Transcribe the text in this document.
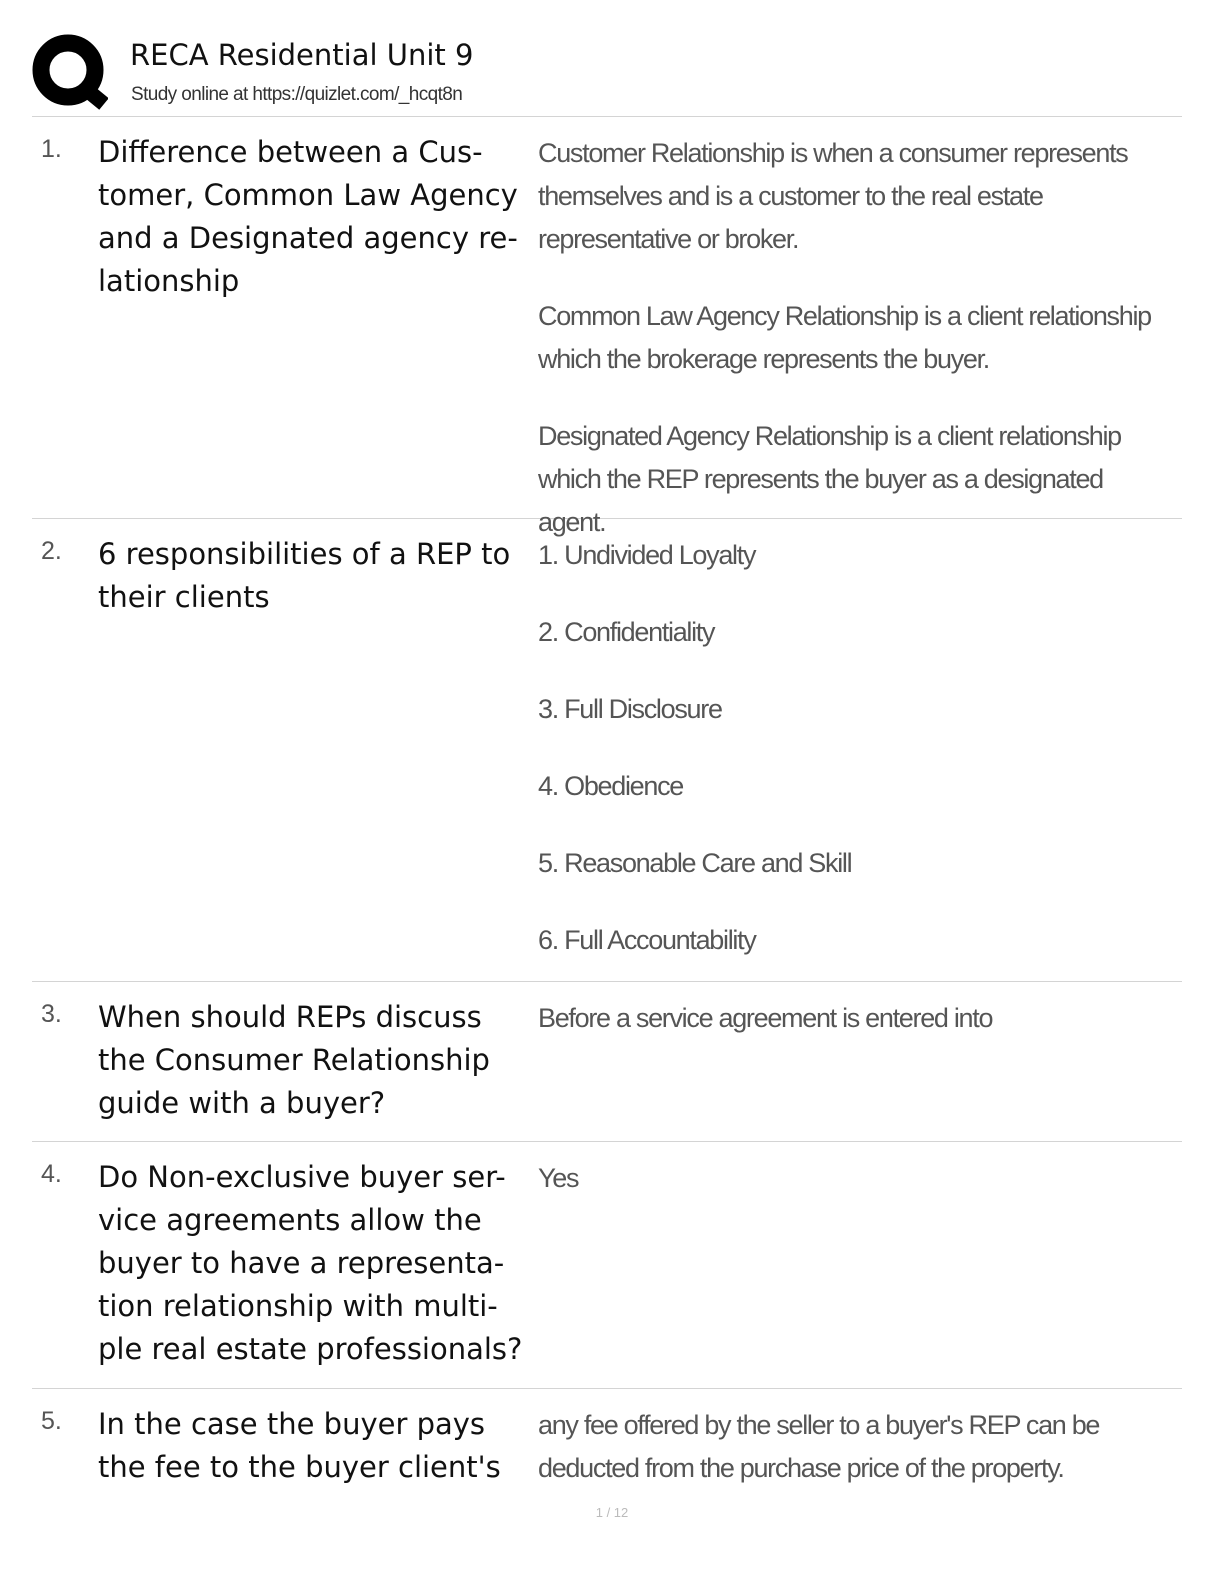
RECA Residential Unit 9
Study online at https://quizlet.com/_hcqt8n
1. Difference between a Cus-
tomer, Common Law Agency
and a Designated agency re-
lationship

Customer Relationship is when a consumer represents themselves and is a customer to the real estate representative or broker.

Common Law Agency Relationship is a client relationship which the brokerage represents the buyer.

Designated Agency Relationship is a client relationship which the REP represents the buyer as a designated agent.

2. 6 responsibilities of a REP to their clients

1. Undivided Loyalty

2. Confidentiality

3. Full Disclosure

4. Obedience

5. Reasonable Care and Skill

6. Full Accountability

3. When should REPs discuss the Consumer Relationship guide with a buyer?

Before a service agreement is entered into

4. Do Non-exclusive buyer ser-
vice agreements allow the
buyer to have a representa-
tion relationship with multi-
ple real estate professionals?

Yes

5. In the case the buyer pays the fee to the buyer client's

any fee offered by the seller to a buyer's REP can be deducted from the purchase price of the property.

1 / 12
